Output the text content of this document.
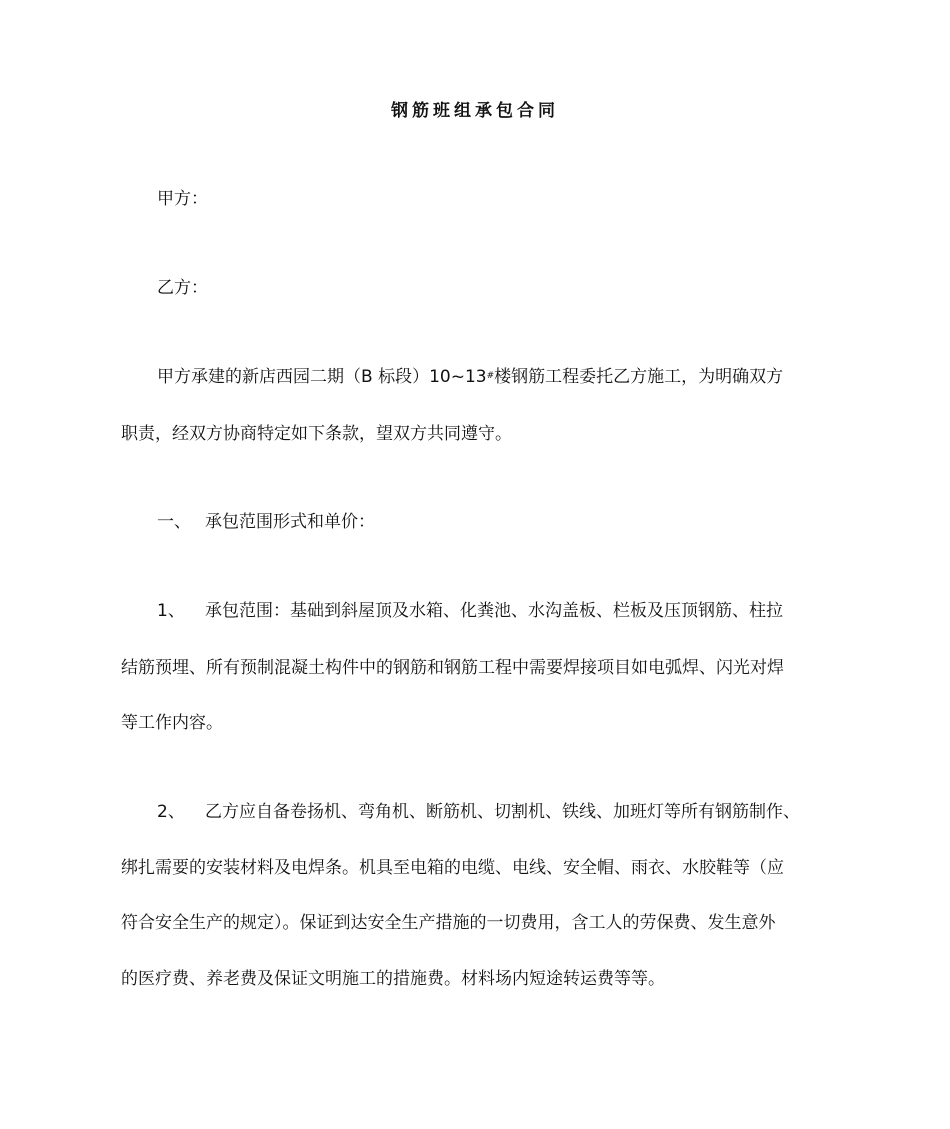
钢筋班组承包合同
甲方：
乙方：
甲方承建的新店西园二期（B 标段）10~13#楼钢筋工程委托乙方施工，为明确双方
职责，经双方协商特定如下条款，望双方共同遵守。
一、 承包范围形式和单价：
1、 承包范围：基础到斜屋顶及水箱、化粪池、水沟盖板、栏板及压顶钢筋、柱拉
结筋预埋、所有预制混凝土构件中的钢筋和钢筋工程中需要焊接项目如电弧焊、闪光对焊
等工作内容。
2、 乙方应自备卷扬机、弯角机、断筋机、切割机、铁线、加班灯等所有钢筋制作、
绑扎需要的安装材料及电焊条。机具至电箱的电缆、电线、安全帽、雨衣、水胶鞋等（应
符合安全生产的规定）。保证到达安全生产措施的一切费用，含工人的劳保费、发生意外
的医疗费、养老费及保证文明施工的措施费。材料场内短途转运费等等。
